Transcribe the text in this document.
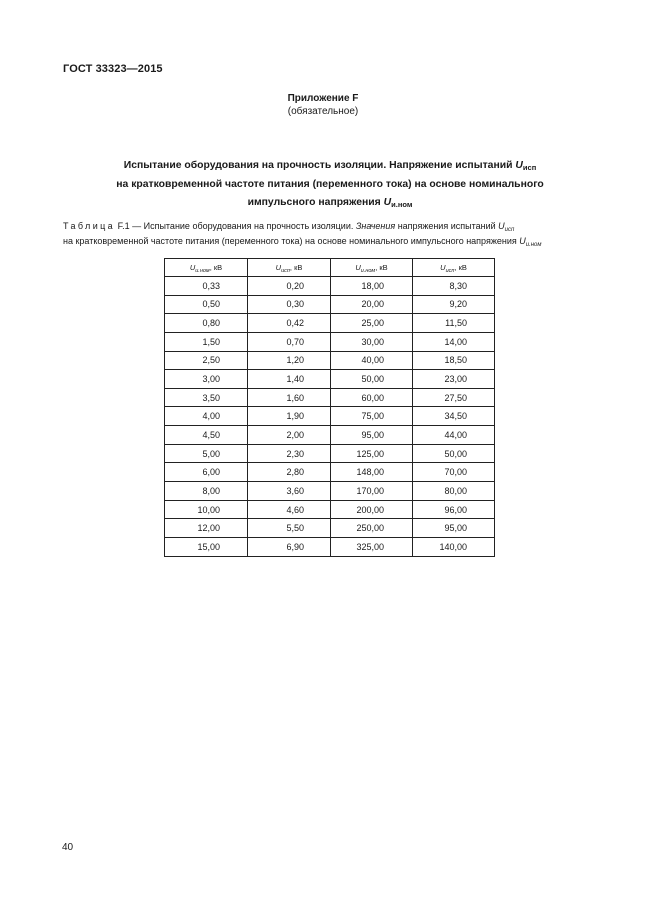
ГОСТ 33323—2015
Приложение F
(обязательное)
Испытание оборудования на прочность изоляции. Напряжение испытаний Uисп
на кратковременной частоте питания (переменного тока) на основе номинального
импульсного напряжения Uи.ном
Таблица F.1 — Испытание оборудования на прочность изоляции. Значения напряжения испытаний $U_{исп}$
на кратковременной частоте питания (переменного тока) на основе номинального импульсного напряжения $U_{и.ном}$
$U_{и.ном}$, кВ	$U_{исп}$, кВ	$U_{и.ном}$, кВ	$U_{исп}$, кВ
0,33	0,20	18,00	8,30
0,50	0,30	20,00	9,20
0,80	0,42	25,00	11,50
1,50	0,70	30,00	14,00
2,50	1,20	40,00	18,50
3,00	1,40	50,00	23,00
3,50	1,60	60,00	27,50
4,00	1,90	75,00	34,50
4,50	2,00	95,00	44,00
5,00	2,30	125,00	50,00
6,00	2,80	148,00	70,00
8,00	3,60	170,00	80,00
10,00	4,60	200,00	96,00
12,00	5,50	250,00	95,00
15,00	6,90	325,00	140,00
40
